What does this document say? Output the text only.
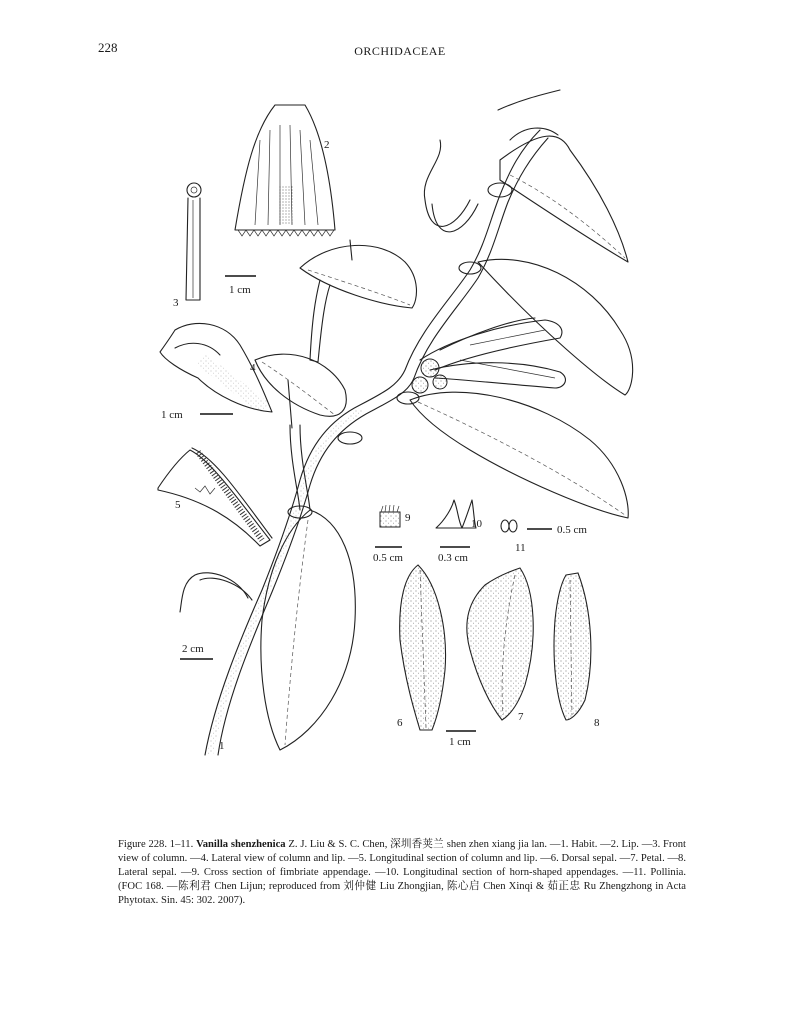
228	ORCHIDACEAE
1 cm
1 cm
2 cm
0.5 cm	0.3 cm
0.5 cm
1 cm
1
2
3
4
5
6	7	8
9	10
11
Figure 228. 1–11. Vanilla shenzhenica Z. J. Liu & S. C. Chen, 深圳香荚兰 shen zhen xiang jia lan. —1. Habit. —2. Lip. —3. Front view of column. —4. Lateral view of column and lip. —5. Longitudinal section of column and lip. —6. Dorsal sepal. —7. Petal. —8. Lateral sepal. —9. Cross section of fimbriate appendage. —10. Longitudinal section of horn-shaped appendages. —11. Pollinia. (FOC 168. —陈利君 Chen Lijun; reproduced from 刘仲健 Liu Zhongjian, 陈心启 Chen Xinqi & 茹正忠 Ru Zhengzhong in Acta Phytotax. Sin. 45: 302. 2007).
